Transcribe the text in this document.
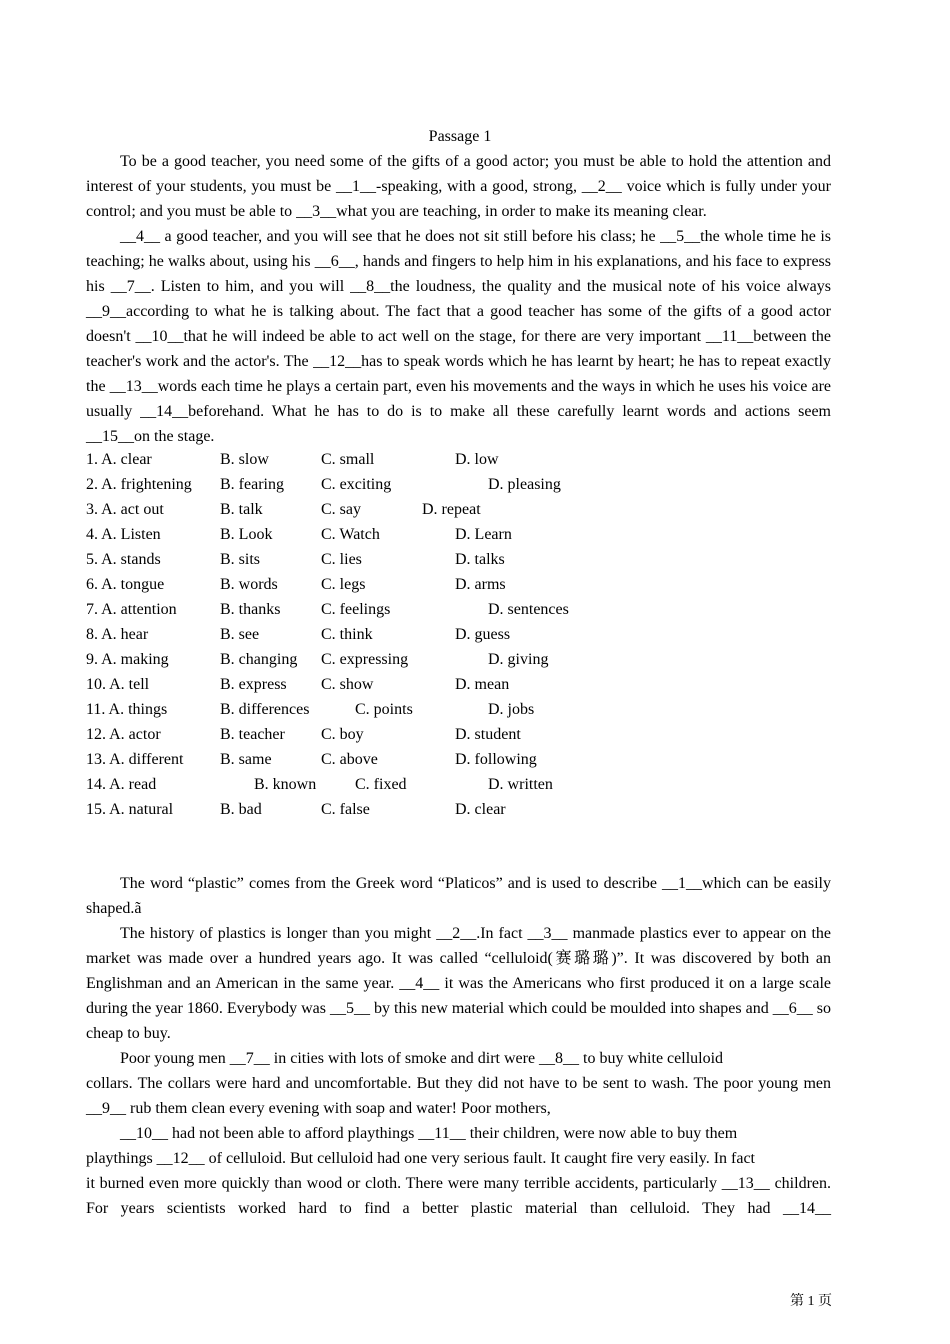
Passage 1

To be a good teacher, you need some of the gifts of a good actor; you must be able to hold the attention and interest of your students, you must be __1__-speaking, with a good, strong, __2__ voice which is fully under your control; and you must be able to __3__what you are teaching, in order to make its meaning clear.

__4__ a good teacher, and you will see that he does not sit still before his class; he __5__the whole time he is teaching; he walks about, using his __6__, hands and fingers to help him in his explanations, and his face to express his __7__. Listen to him, and you will __8__the loudness, the quality and the musical note of his voice always __9__according to what he is talking about. The fact that a good teacher has some of the gifts of a good actor doesn't __10__that he will indeed be able to act well on the stage, for there are very important __11__between the teacher's work and the actor's. The __12__has to speak words which he has learnt by heart; he has to repeat exactly the __13__words each time he plays a certain part, even his movements and the ways in which he uses his voice are usually __14__beforehand. What he has to do is to make all these carefully learnt words and actions seem __15__on the stage.

1. A. clear	B. slow	C. small	D. low
2. A. frightening B. fearing C. exciting	D. pleasing
3. A. act out	B. talk	C. say	D. repeat
4. A. Listen	B. Look	C. Watch	D. Learn
5. A. stands	B. sits	C. lies	D. talks
6. A. tongue	B. words	C. legs	D. arms
7. A. attention	B. thanks	C. feelings	D. sentences
8. A. hear	B. see	C. think	D. guess
9. A. making	B. changing C. expressing	D. giving
10. A. tell	B. express C. show	D. mean
11. A. things	B. differences	C. points	D. jobs
12. A. actor	B. teacher C. boy	D. student
13. A. different B. same	C. above	D. following
14. A. read	B. known C. fixed	D. written
15. A. natural	B. bad	C. false	D. clear

The word “plastic” comes from the Greek word “Platicos” and is used to describe __1__which can be easily shaped.ã

The history of plastics is longer than you might __2__.In fact __3__ manmade plastics ever to appear on the market was made over a hundred years ago. It was called “celluloid(赛璐璐)”. It was discovered by both an Englishman and an American in the same year. __4__ it was the Americans who first produced it on a large scale during the year 1860. Everybody was __5__ by this new material which could be moulded into shapes and __6__ so cheap to buy.

Poor young men __7__ in cities with lots of smoke and dirt were __8__ to buy white celluloid

collars. The collars were hard and uncomfortable. But they did not have to be sent to wash. The poor young men __9__ rub them clean every evening with soap and water! Poor mothers,

__10__ had not been able to afford playthings __11__ their children, were now able to buy them

playthings __12__ of celluloid. But celluloid had one very serious fault. It caught fire very easily. In fact

it burned even more quickly than wood or cloth. There were many terrible accidents, particularly __13__ children. For years scientists worked hard to find a better plastic material than celluloid. They had __14__

第 1 页
